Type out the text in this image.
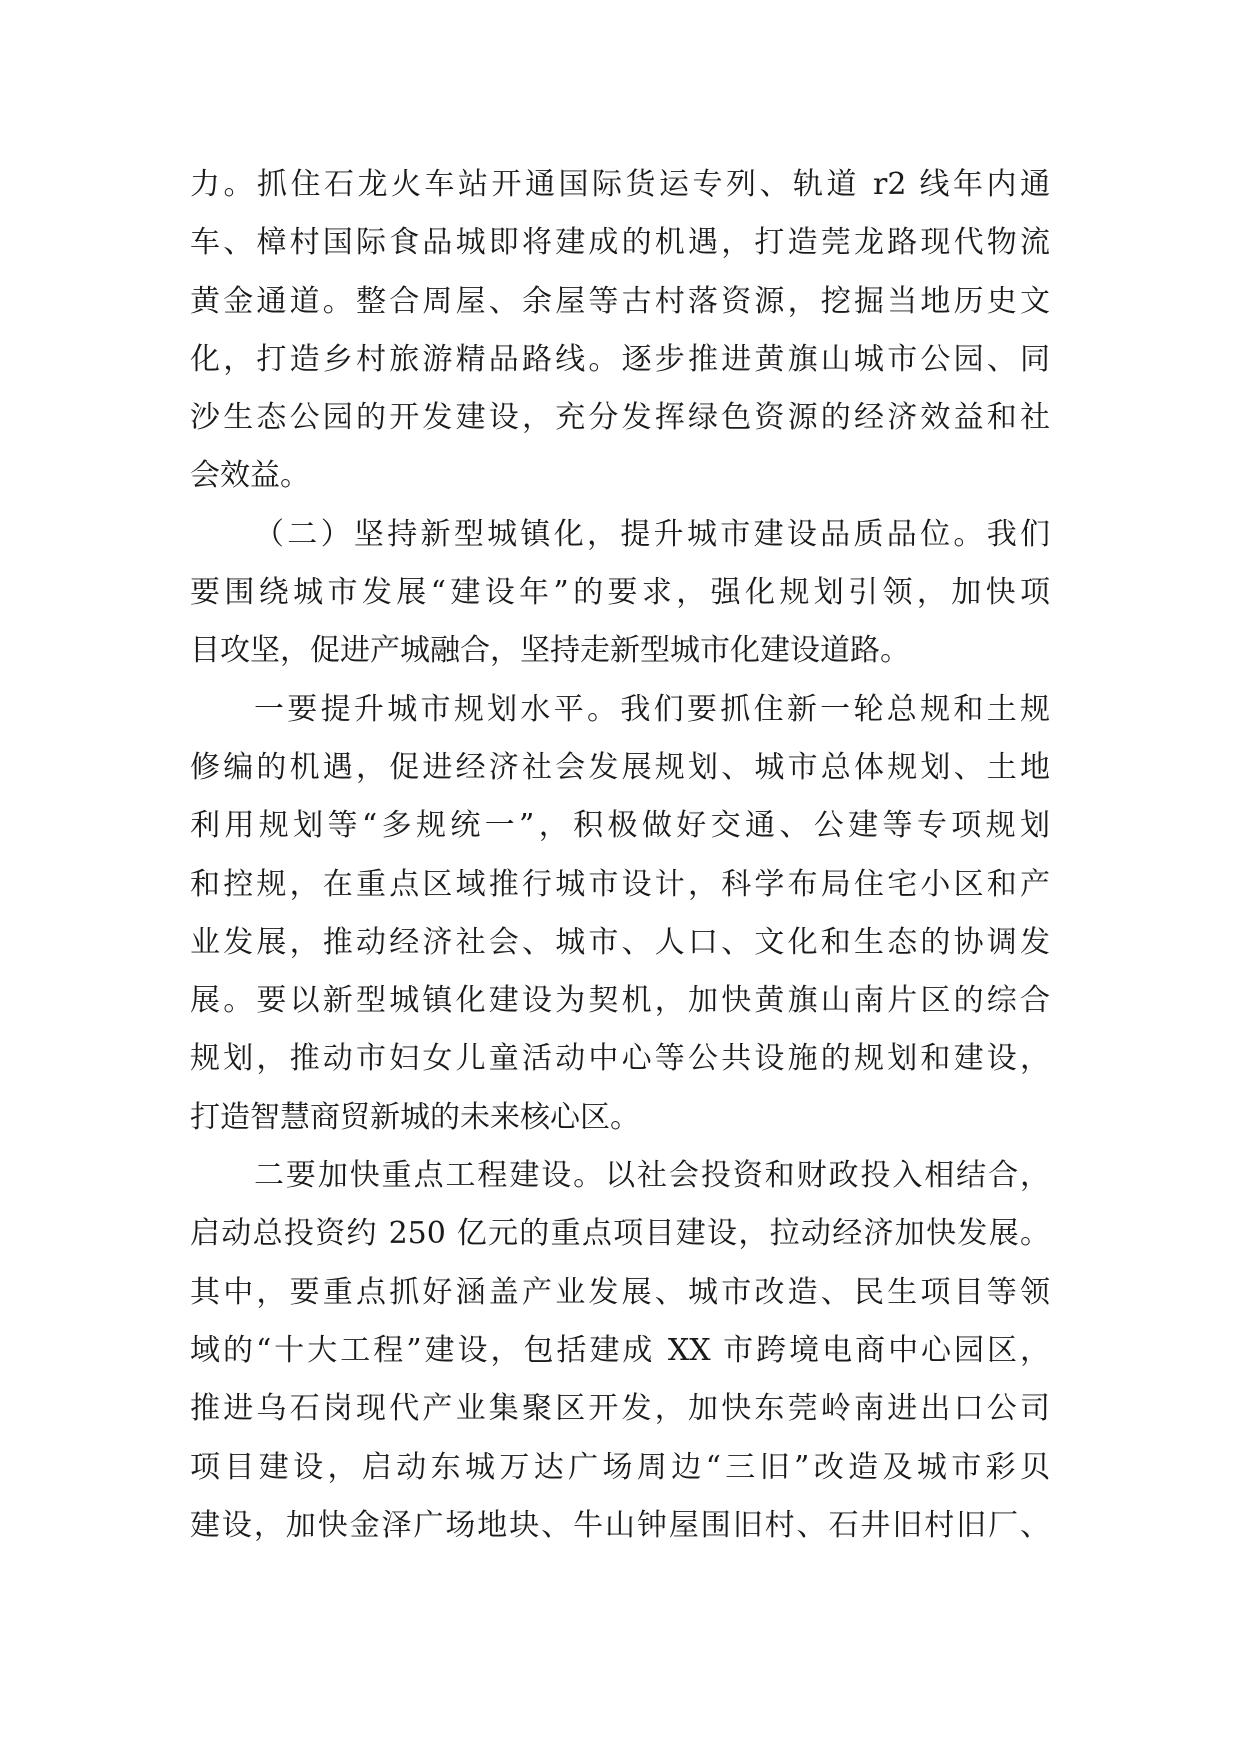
力。抓住石龙火车站开通国际货运专列、轨道 r2 线年内通
车、樟村国际食品城即将建成的机遇，打造莞龙路现代物流
黄金通道。整合周屋、余屋等古村落资源，挖掘当地历史文
化，打造乡村旅游精品路线。逐步推进黄旗山城市公园、同
沙生态公园的开发建设，充分发挥绿色资源的经济效益和社
会效益。
（二）坚持新型城镇化，提升城市建设品质品位。我们
要围绕城市发展“建设年”的要求，强化规划引领，加快项
目攻坚，促进产城融合，坚持走新型城市化建设道路。
一要提升城市规划水平。我们要抓住新一轮总规和土规
修编的机遇，促进经济社会发展规划、城市总体规划、土地
利用规划等“多规统一”，积极做好交通、公建等专项规划
和控规，在重点区域推行城市设计，科学布局住宅小区和产
业发展，推动经济社会、城市、人口、文化和生态的协调发
展。要以新型城镇化建设为契机，加快黄旗山南片区的综合
规划，推动市妇女儿童活动中心等公共设施的规划和建设，
打造智慧商贸新城的未来核心区。
二要加快重点工程建设。以社会投资和财政投入相结合，
启动总投资约 250 亿元的重点项目建设，拉动经济加快发展。
其中，要重点抓好涵盖产业发展、城市改造、民生项目等领
域的“十大工程”建设，包括建成 XX 市跨境电商中心园区，
推进乌石岗现代产业集聚区开发，加快东莞岭南进出口公司
项目建设，启动东城万达广场周边“三旧”改造及城市彩贝
建设，加快金泽广场地块、牛山钟屋围旧村、石井旧村旧厂、
